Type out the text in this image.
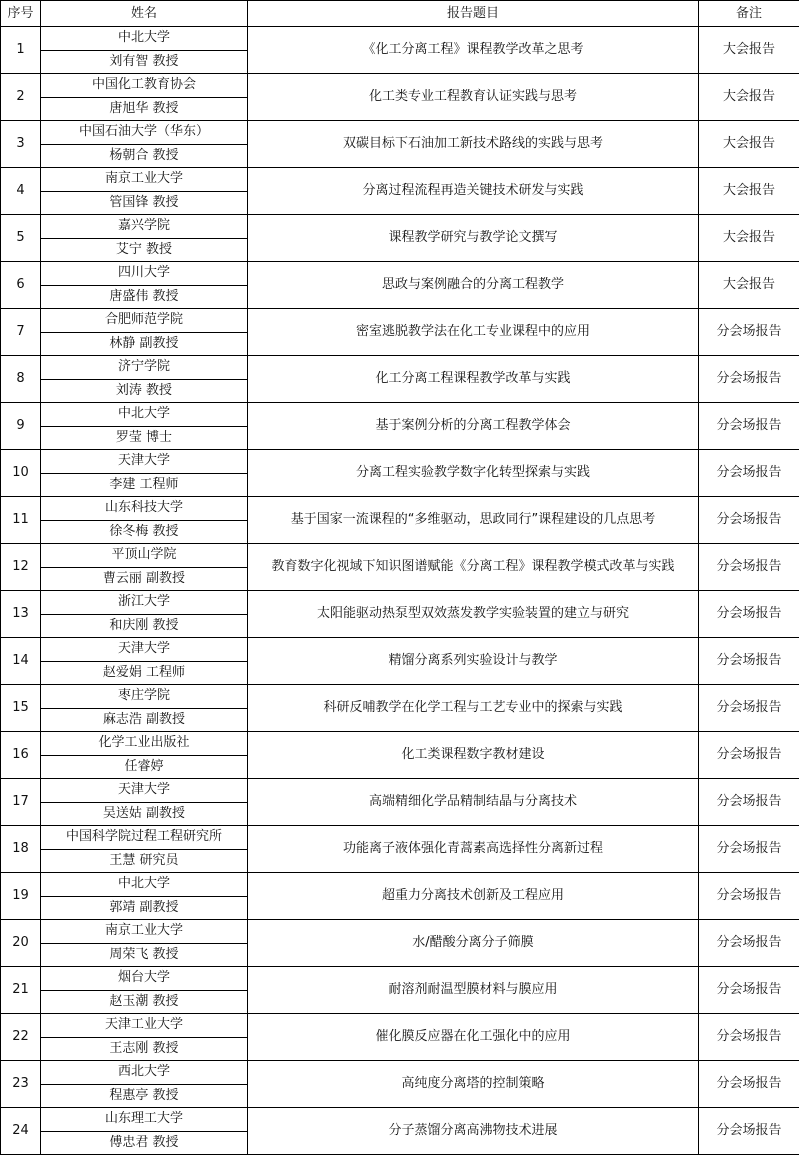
序号	姓名	报告题目	备注
1	中北大学	《化工分离工程》课程教学改革之思考	大会报告
	刘有智 教授		
2	中国化工教育协会	化工类专业工程教育认证实践与思考	大会报告
	唐旭华 教授		
3	中国石油大学（华东）	双碳目标下石油加工新技术路线的实践与思考	大会报告
	杨朝合 教授		
4	南京工业大学	分离过程流程再造关键技术研发与实践	大会报告
	管国锋 教授		
5	嘉兴学院	课程教学研究与教学论文撰写	大会报告
	艾宁 教授		
6	四川大学	思政与案例融合的分离工程教学	大会报告
	唐盛伟 教授		
7	合肥师范学院	密室逃脱教学法在化工专业课程中的应用	分会场报告
	林静 副教授		
8	济宁学院	化工分离工程课程教学改革与实践	分会场报告
	刘涛 教授		
9	中北大学	基于案例分析的分离工程教学体会	分会场报告
	罗莹 博士		
10	天津大学	分离工程实验教学数字化转型探索与实践	分会场报告
	李建 工程师		
11	山东科技大学	基于国家一流课程的“多维驱动，思政同行”课程建设的几点思考	分会场报告
	徐冬梅 教授		
12	平顶山学院	教育数字化视域下知识图谱赋能《分离工程》课程教学模式改革与实践	分会场报告
	曹云丽 副教授		
13	浙江大学	太阳能驱动热泵型双效蒸发教学实验装置的建立与研究	分会场报告
	和庆刚 教授		
14	天津大学	精馏分离系列实验设计与教学	分会场报告
	赵爱娟 工程师		
15	枣庄学院	科研反哺教学在化学工程与工艺专业中的探索与实践	分会场报告
	麻志浩 副教授		
16	化学工业出版社	化工类课程数字教材建设	分会场报告
	任睿婷		
17	天津大学	高端精细化学品精制结晶与分离技术	分会场报告
	吴送姑 副教授		
18	中国科学院过程工程研究所	功能离子液体强化青蒿素高选择性分离新过程	分会场报告
	王慧 研究员		
19	中北大学	超重力分离技术创新及工程应用	分会场报告
	郭靖 副教授		
20	南京工业大学	水/醋酸分离分子筛膜	分会场报告
	周荣飞 教授		
21	烟台大学	耐溶剂耐温型膜材料与膜应用	分会场报告
	赵玉潮 教授		
22	天津工业大学	催化膜反应器在化工强化中的应用	分会场报告
	王志刚 教授		
23	西北大学	高纯度分离塔的控制策略	分会场报告
	程惠亭 教授		
24	山东理工大学	分子蒸馏分离高沸物技术进展	分会场报告
	傅忠君 教授		
